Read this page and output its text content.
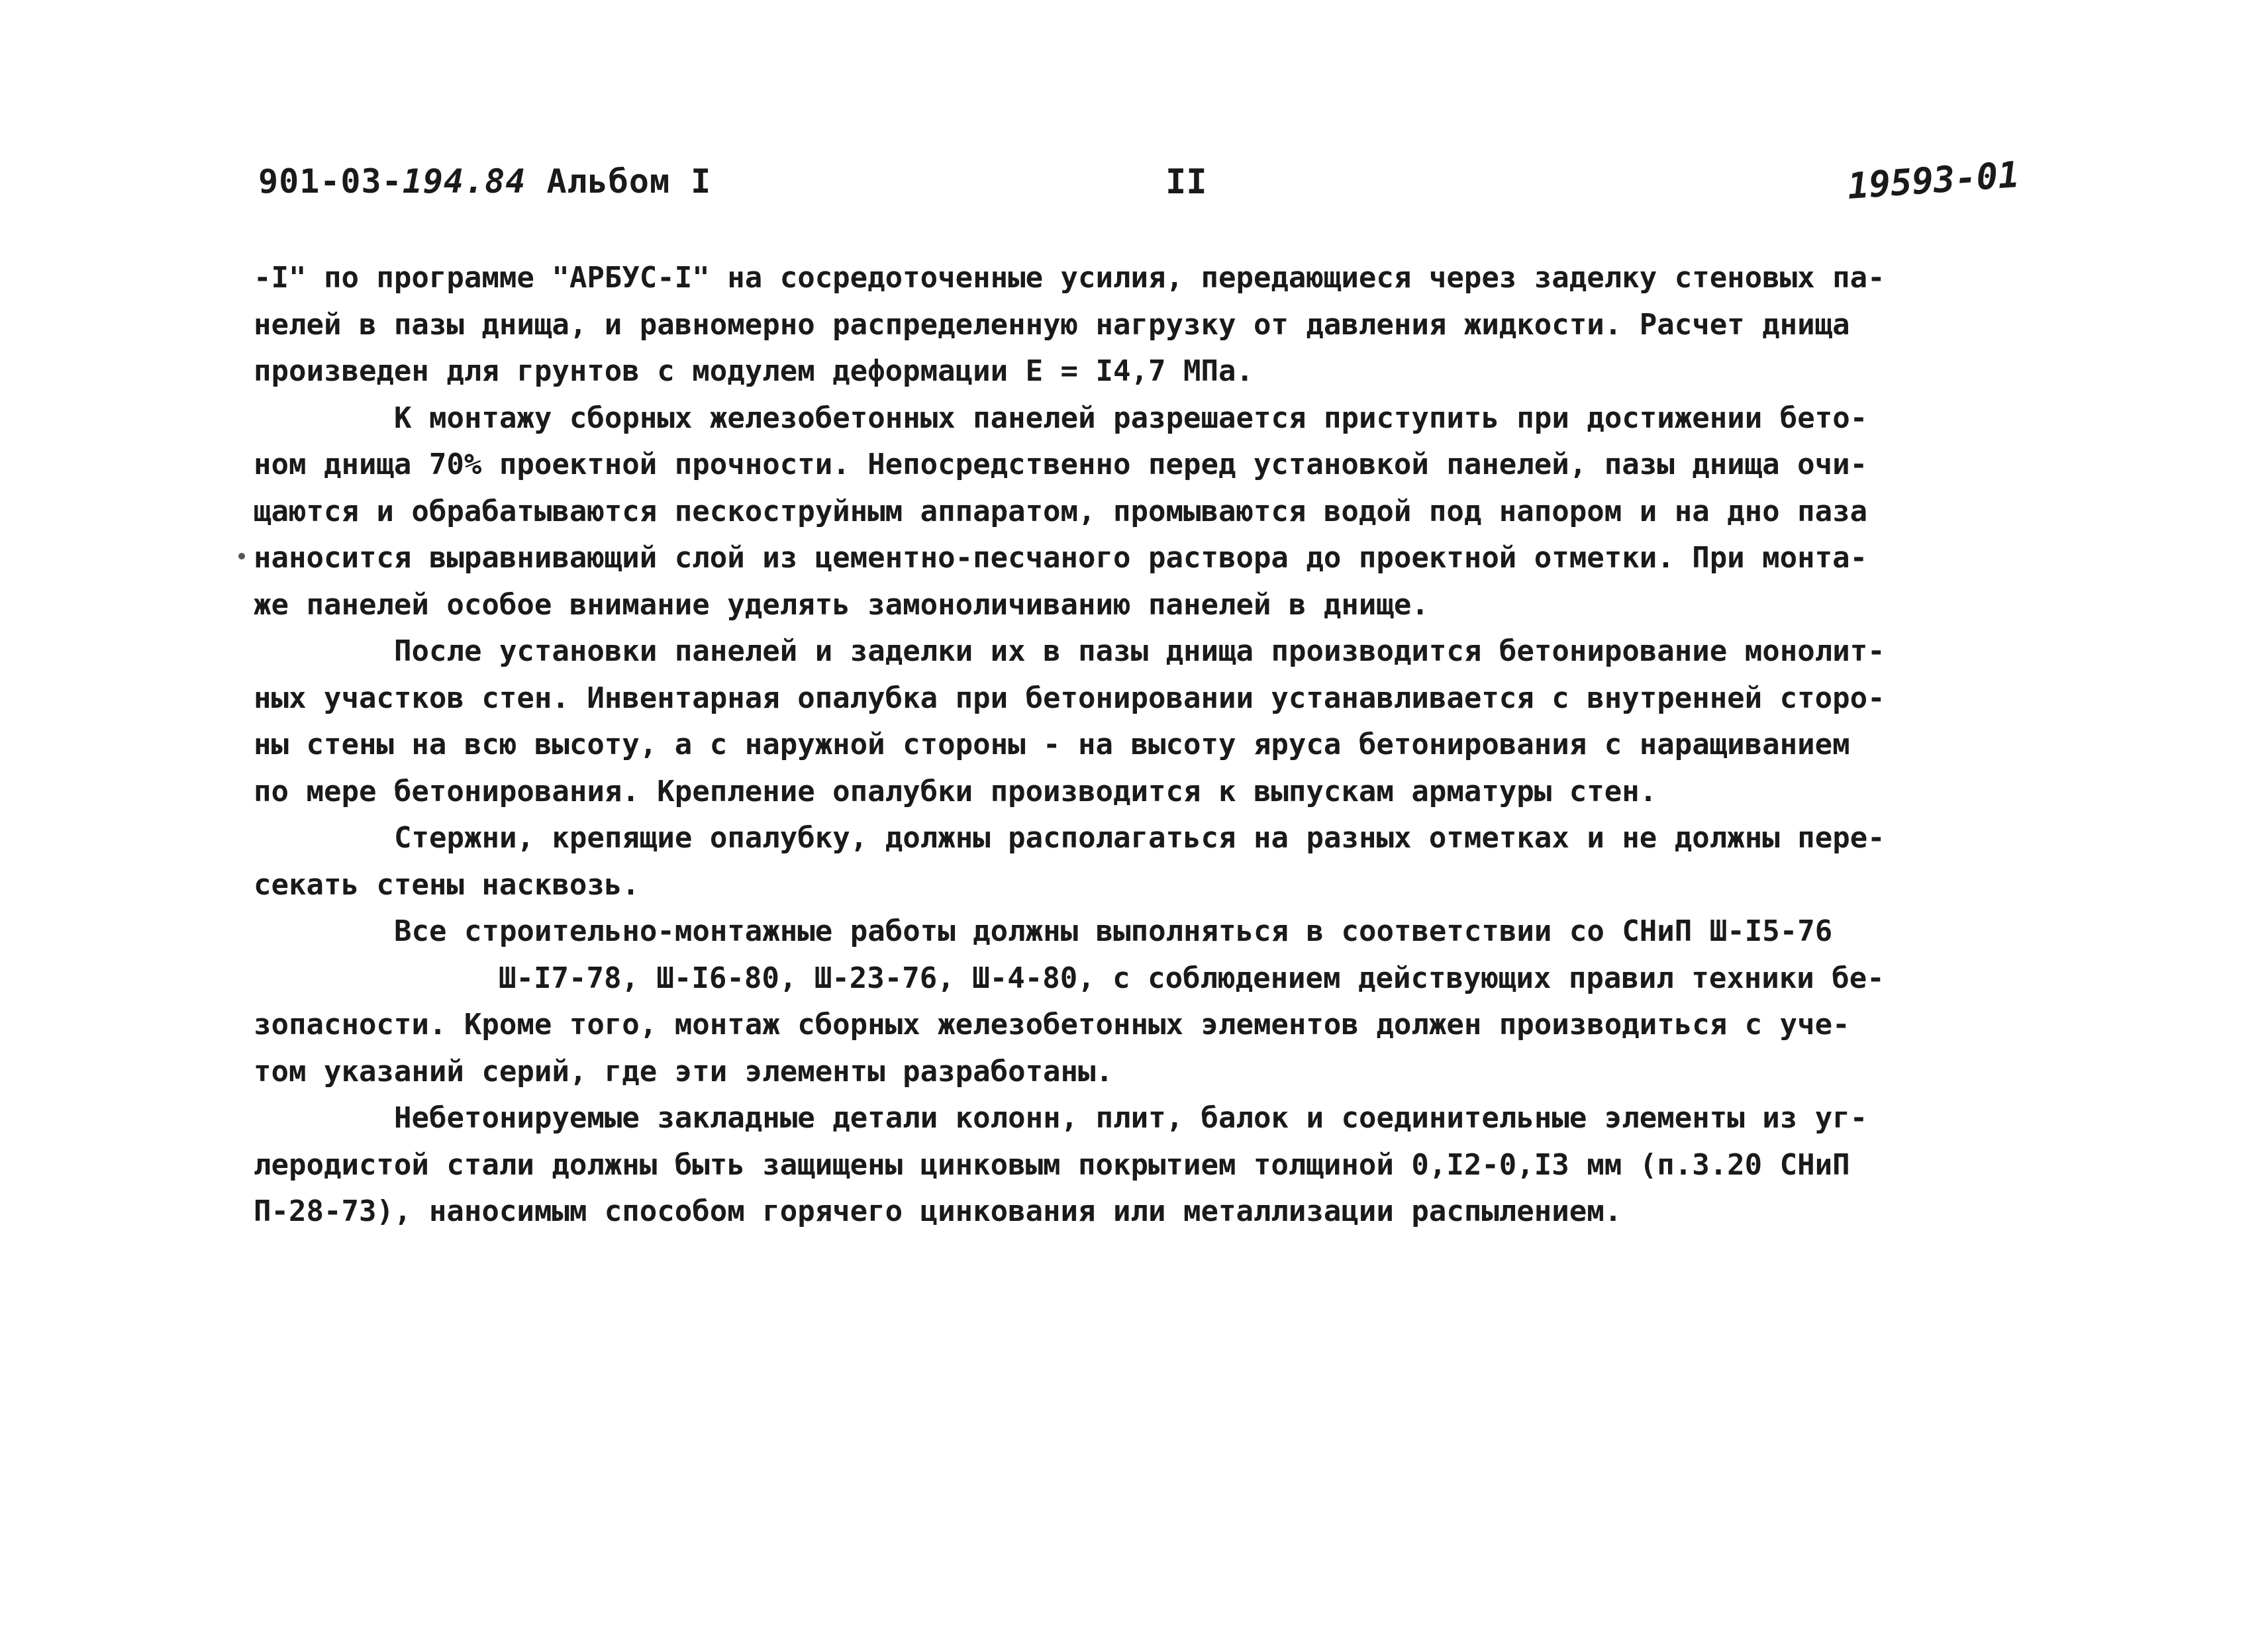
901-03-194.84 Альбом I	II	19593-01
-I" по программе "АРБУС-I" на сосредоточенные усилия, передающиеся через заделку стеновых па-
нелей в пазы днища, и равномерно распределенную нагрузку от давления жидкости. Расчет днища
произведен для грунтов с модулем деформации Е = I4,7 МПа.
К монтажу сборных железобетонных панелей разрешается приступить при достижении бето-
ном днища 70% проектной прочности. Непосредственно перед установкой панелей, пазы днища очи-
щаются и обрабатываются пескоструйным аппаратом, промываются водой под напором и на дно паза
наносится выравнивающий слой из цементно-песчаного раствора до проектной отметки. При монта-
же панелей особое внимание уделять замоноличиванию панелей в днище.
После установки панелей и заделки их в пазы днища производится бетонирование монолит-
ных участков стен. Инвентарная опалубка при бетонировании устанавливается с внутренней сторо-
ны стены на всю высоту, а с наружной стороны - на высоту яруса бетонирования с наращиванием
по мере бетонирования. Крепление опалубки производится к выпускам арматуры стен.
Стержни, крепящие опалубку, должны располагаться на разных отметках и не должны пере-
секать стены насквозь.
Все строительно-монтажные работы должны выполняться в соответствии со СНиП Ш-I5-76
Ш-I7-78, Ш-I6-80, Ш-23-76, Ш-4-80, с соблюдением действующих правил техники бе-
зопасности. Кроме того, монтаж сборных железобетонных элементов должен производиться с уче-
том указаний серий, где эти элементы разработаны.
Небетонируемые закладные детали колонн, плит, балок и соединительные элементы из уг-
леродистой стали должны быть защищены цинковым покрытием толщиной 0,I2-0,I3 мм (п.3.20 СНиП
П-28-73), наносимым способом горячего цинкования или металлизации распылением.
